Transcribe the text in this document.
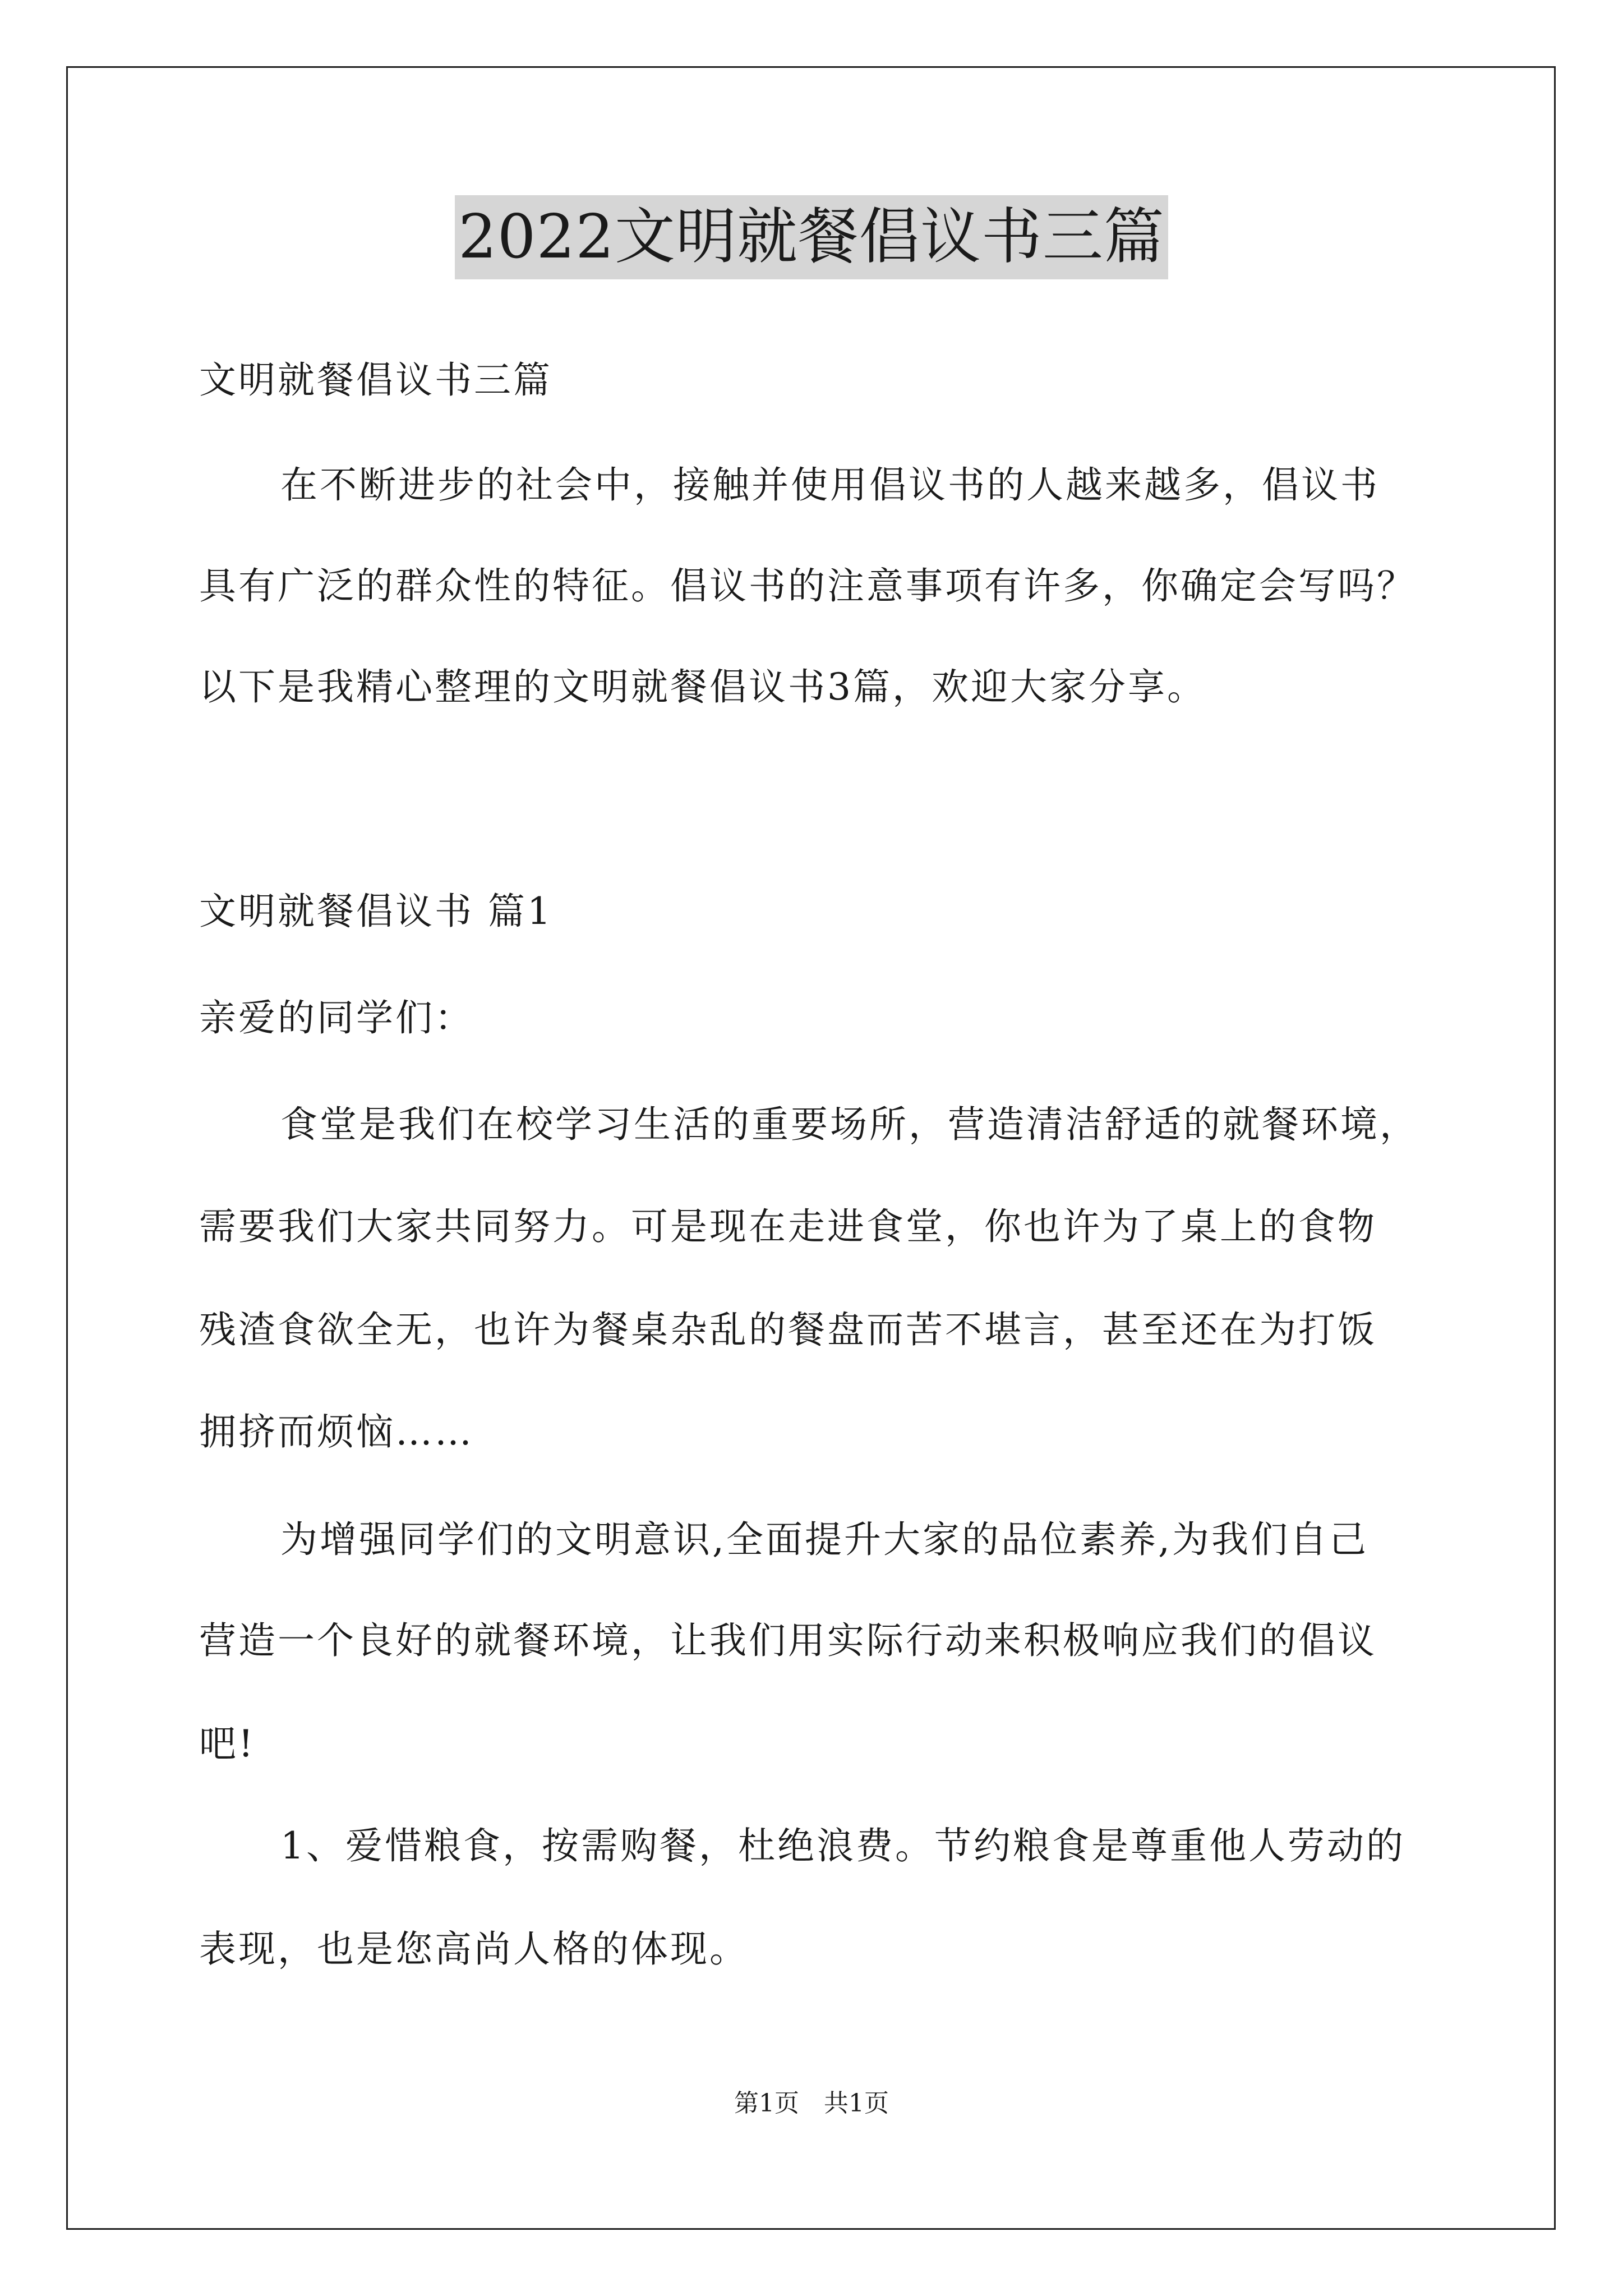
2022文明就餐倡议书三篇
文明就餐倡议书三篇
在不断进步的社会中，接触并使用倡议书的人越来越多，倡议书
具有广泛的群众性的特征。倡议书的注意事项有许多，你确定会写吗？
以下是我精心整理的文明就餐倡议书3篇，欢迎大家分享。
文明就餐倡议书 篇1
亲爱的同学们：
食堂是我们在校学习生活的重要场所，营造清洁舒适的就餐环境，
需要我们大家共同努力。可是现在走进食堂，你也许为了桌上的食物
残渣食欲全无，也许为餐桌杂乱的餐盘而苦不堪言，甚至还在为打饭
拥挤而烦恼……
为增强同学们的文明意识,全面提升大家的品位素养,为我们自己
营造一个良好的就餐环境，让我们用实际行动来积极响应我们的倡议
吧!
1、爱惜粮食，按需购餐，杜绝浪费。节约粮食是尊重他人劳动的
表现，也是您高尚人格的体现。
第1页　共1页
